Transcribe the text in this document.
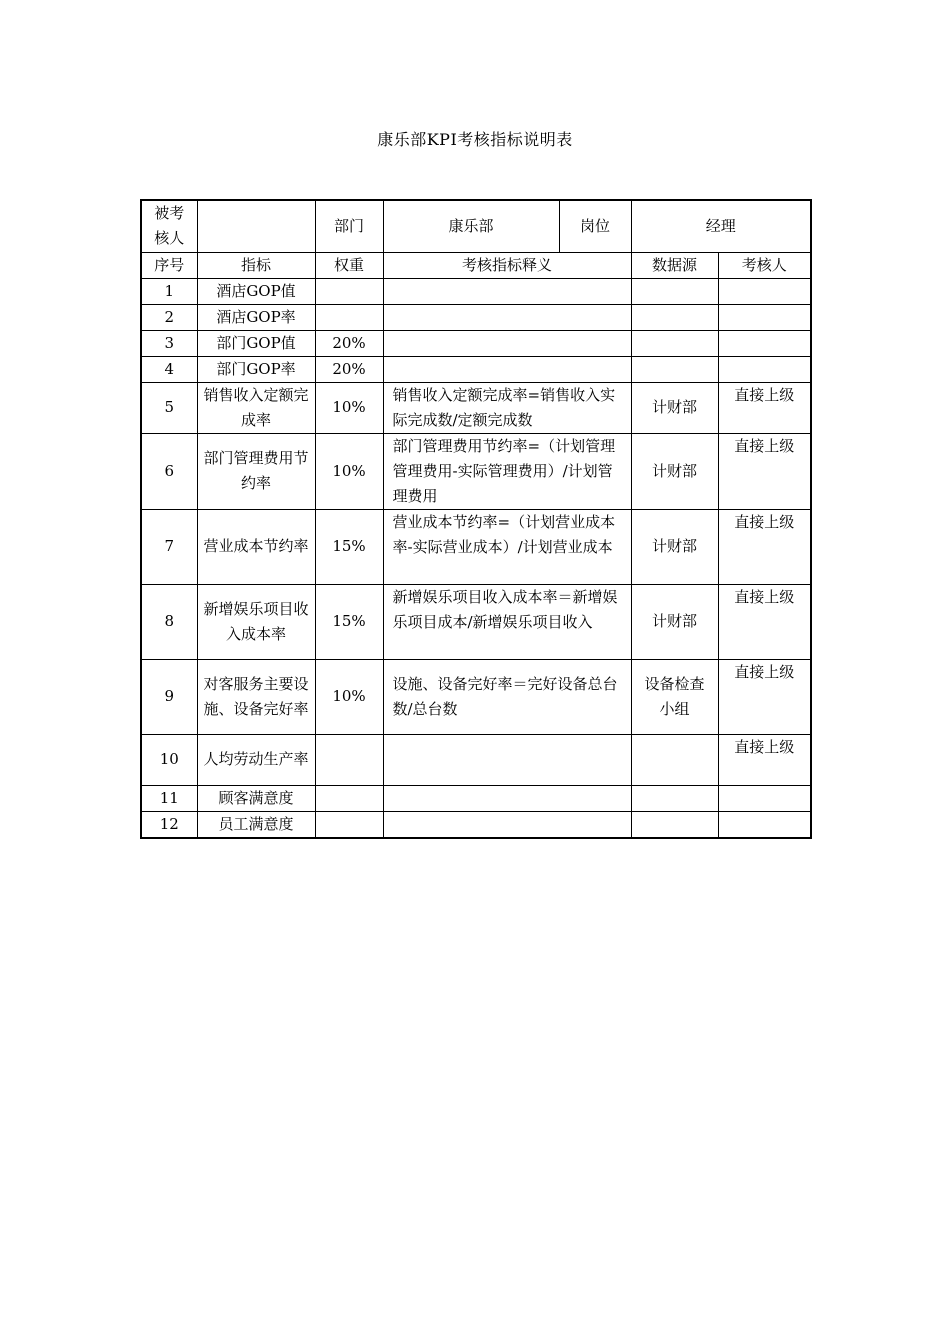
康乐部KPI考核指标说明表
被考核人		部门	康乐部	岗位	经理	
序号	指标	权重	考核指标释义		数据源	考核人
1	酒店GOP值					
2	酒店GOP率					
3	部门GOP值	20%				
4	部门GOP率	20%				
5	销售收入定额完成率	10%	销售收入定额完成率=销售收入实际完成数/定额完成数		计财部	直接上级
6	部门管理费用节约率	10%	部门管理费用节约率=（计划管理管理费用-实际管理费用）/计划管理费用		计财部	直接上级
7	营业成本节约率	15%	营业成本节约率=（计划营业成本率-实际营业成本）/计划营业成本		计财部	直接上级
8	新增娱乐项目收入成本率	15%	新增娱乐项目收入成本率＝新增娱乐项目成本/新增娱乐项目收入		计财部	直接上级
9	对客服务主要设施、设备完好率	10%	设施、设备完好率＝完好设备总台数/总台数		设备检查小组	直接上级
10	人均劳动生产率					直接上级
11	顾客满意度					
12	员工满意度					
